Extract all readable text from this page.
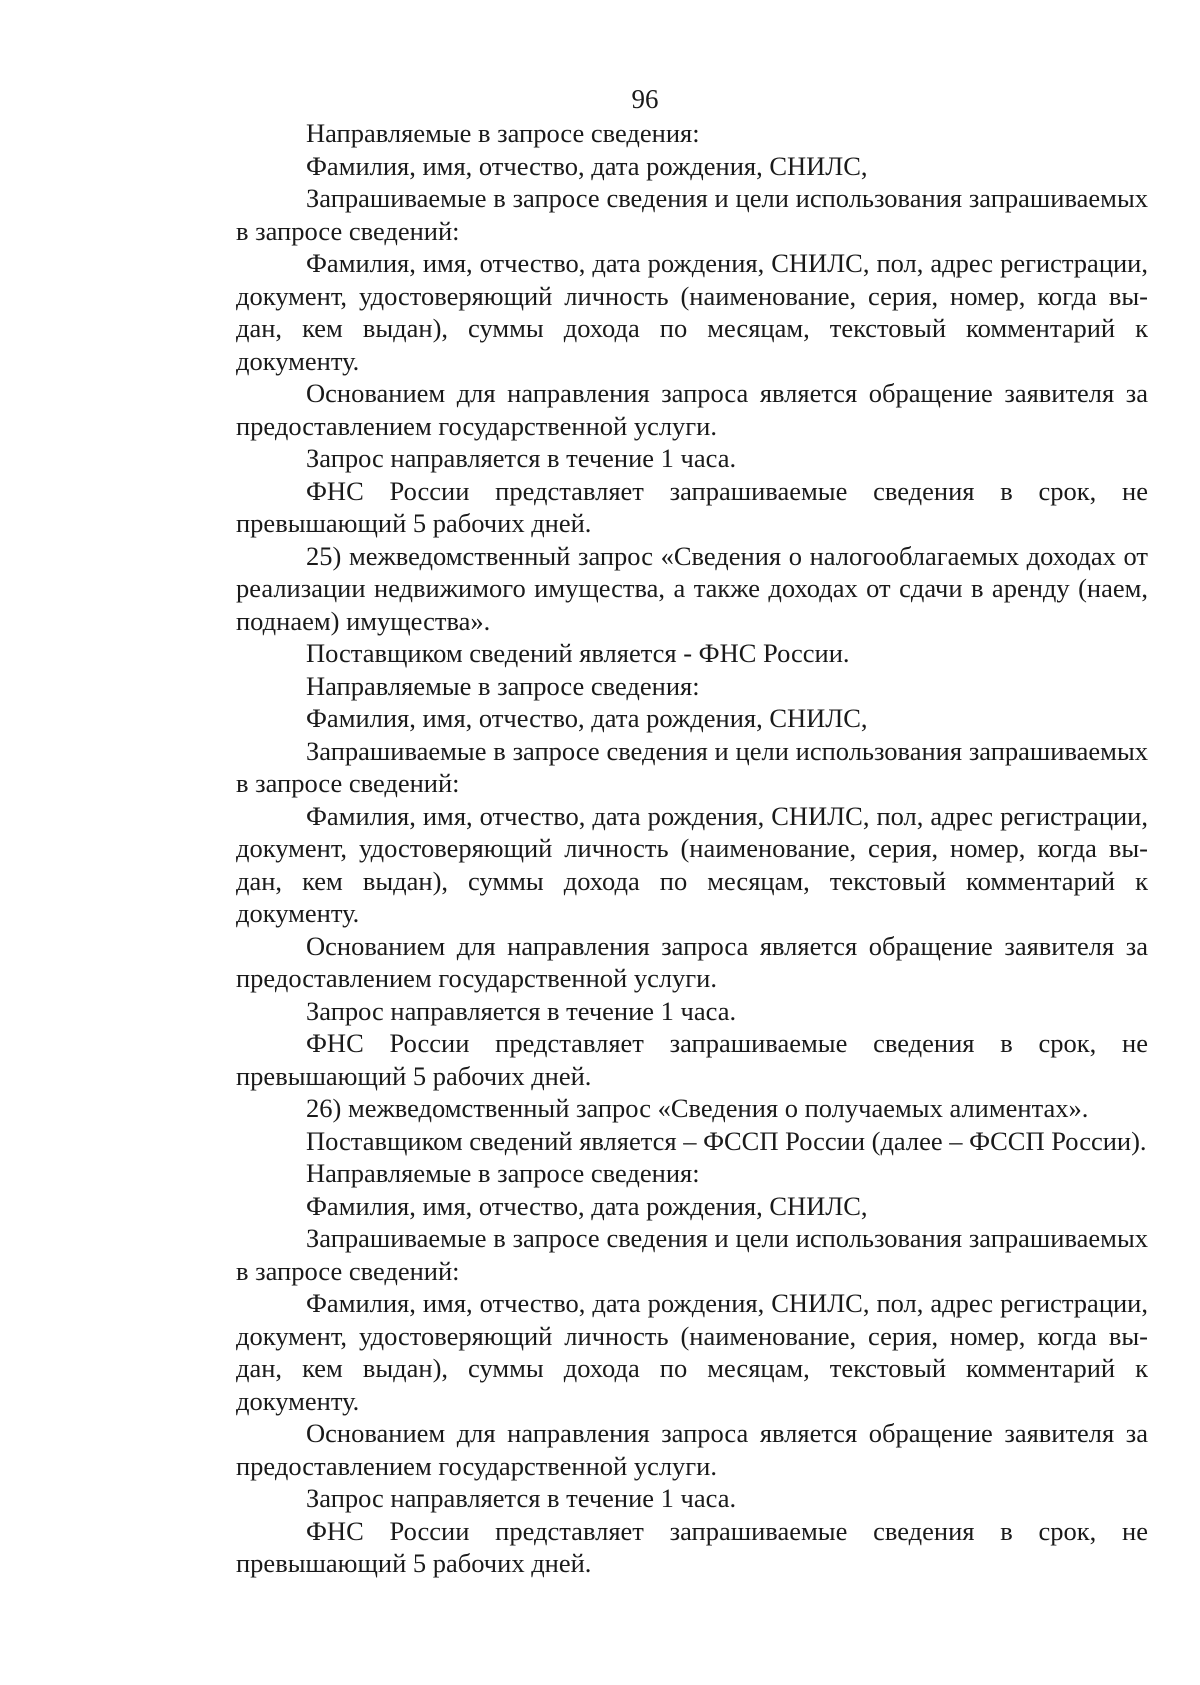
96

Направляемые в запросе сведения:

Фамилия, имя, отчество, дата рождения, СНИЛС,

Запрашиваемые в запросе сведения и цели использования запрашиваемых в запросе сведений:

Фамилия, имя, отчество, дата рождения, СНИЛС, пол, адрес регистрации, документ, удостоверяющий личность (наименование, серия, номер, когда вы-дан, кем выдан), суммы дохода по месяцам, текстовый комментарий к документу.

Основанием для направления запроса является обращение заявителя за предоставлением государственной услуги.

Запрос направляется в течение 1 часа.

ФНС России представляет запрашиваемые сведения в срок, не превышающий 5 рабочих дней.

25) межведомственный запрос «Сведения о налогооблагаемых доходах от реализации недвижимого имущества, а также доходах от сдачи в аренду (наем, поднаем) имущества».

Поставщиком сведений является - ФНС России.

Направляемые в запросе сведения:

Фамилия, имя, отчество, дата рождения, СНИЛС,

Запрашиваемые в запросе сведения и цели использования запрашиваемых в запросе сведений:

Фамилия, имя, отчество, дата рождения, СНИЛС, пол, адрес регистрации, документ, удостоверяющий личность (наименование, серия, номер, когда вы-дан, кем выдан), суммы дохода по месяцам, текстовый комментарий к документу.

Основанием для направления запроса является обращение заявителя за предоставлением государственной услуги.

Запрос направляется в течение 1 часа.

ФНС России представляет запрашиваемые сведения в срок, не превышающий 5 рабочих дней.

26) межведомственный запрос «Сведения о получаемых алиментах».

Поставщиком сведений является – ФССП России (далее – ФССП России).

Направляемые в запросе сведения:

Фамилия, имя, отчество, дата рождения, СНИЛС,

Запрашиваемые в запросе сведения и цели использования запрашиваемых в запросе сведений:

Фамилия, имя, отчество, дата рождения, СНИЛС, пол, адрес регистрации, документ, удостоверяющий личность (наименование, серия, номер, когда вы-дан, кем выдан), суммы дохода по месяцам, текстовый комментарий к документу.

Основанием для направления запроса является обращение заявителя за предоставлением государственной услуги.

Запрос направляется в течение 1 часа.

ФНС России представляет запрашиваемые сведения в срок, не превышающий 5 рабочих дней.
